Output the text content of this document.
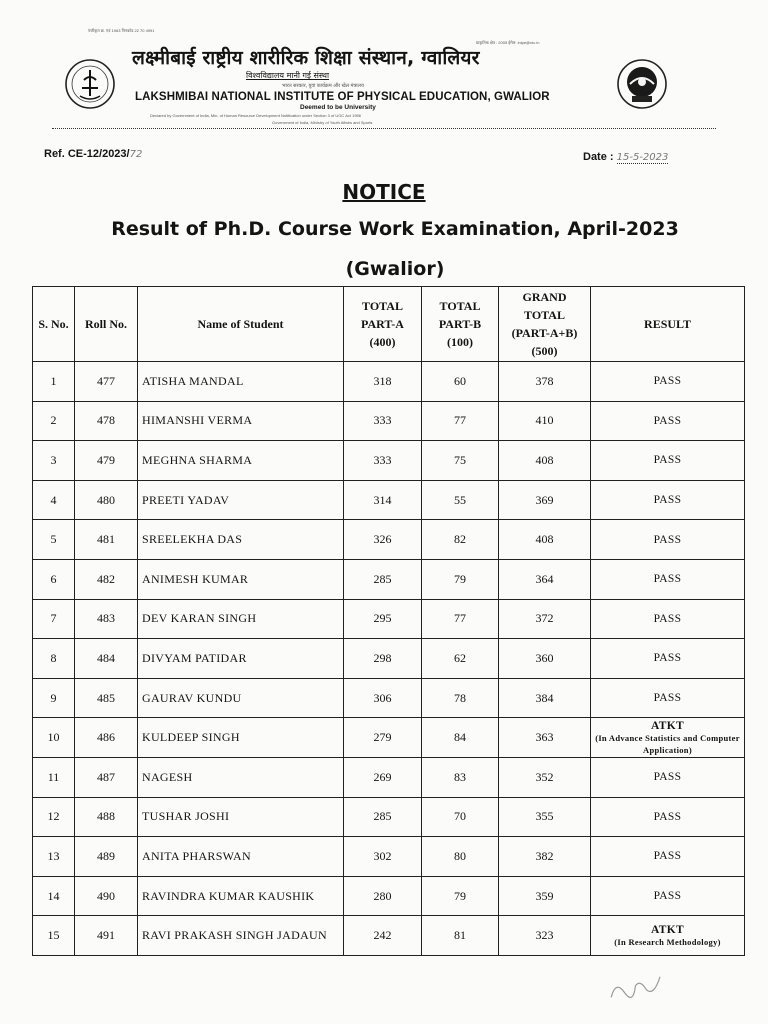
पंजीकृत क्र. एवं 1963 पिनकोड 22 70 4991
प्राकृतिक क्षेत्र : 2005 ईमेल: lnipe@nic.in
लक्ष्मीबाई राष्ट्रीय शारीरिक शिक्षा संस्थान, ग्वालियर
विश्वविद्यालय मानी गई संस्था
भारत सरकार, युवा कार्यक्रम और खेल मंत्रालय
LAKSHMIBAI NATIONAL INSTITUTE OF PHYSICAL EDUCATION, GWALIOR
Deemed to be University
Declared by Government of India, Min. of Human Resource Development Notification under Section 3 of UGC Act 1956
Government of India, Ministry of Youth Affairs and Sports
Ref. CE-12/2023/72	Date : 15-5-2023
NOTICE
Result of Ph.D. Course Work Examination, April-2023
(Gwalior)
S. No.	Roll No.	Name of Student	TOTAL
PART-A
(400)	TOTAL
PART-B
(100)	GRAND
TOTAL
(PART-A+B)
(500)	RESULT
1	477	ATISHA MANDAL	318	60	378	PASS
2	478	HIMANSHI VERMA	333	77	410	PASS
3	479	MEGHNA SHARMA	333	75	408	PASS
4	480	PREETI YADAV	314	55	369	PASS
5	481	SREELEKHA DAS	326	82	408	PASS
6	482	ANIMESH KUMAR	285	79	364	PASS
7	483	DEV KARAN SINGH	295	77	372	PASS
8	484	DIVYAM PATIDAR	298	62	360	PASS
9	485	GAURAV KUNDU	306	78	384	PASS
10	486	KULDEEP SINGH	279	84	363	ATKT
(In Advance Statistics and Computer Application)

11	487	NAGESH	269	83	352	PASS
12	488	TUSHAR JOSHI	285	70	355	PASS
13	489	ANITA PHARSWAN	302	80	382	PASS
14	490	RAVINDRA KUMAR KAUSHIK	280	79	359	PASS
15	491	RAVI PRAKASH SINGH JADAUN	242	81	323	ATKT
(In Research Methodology)
